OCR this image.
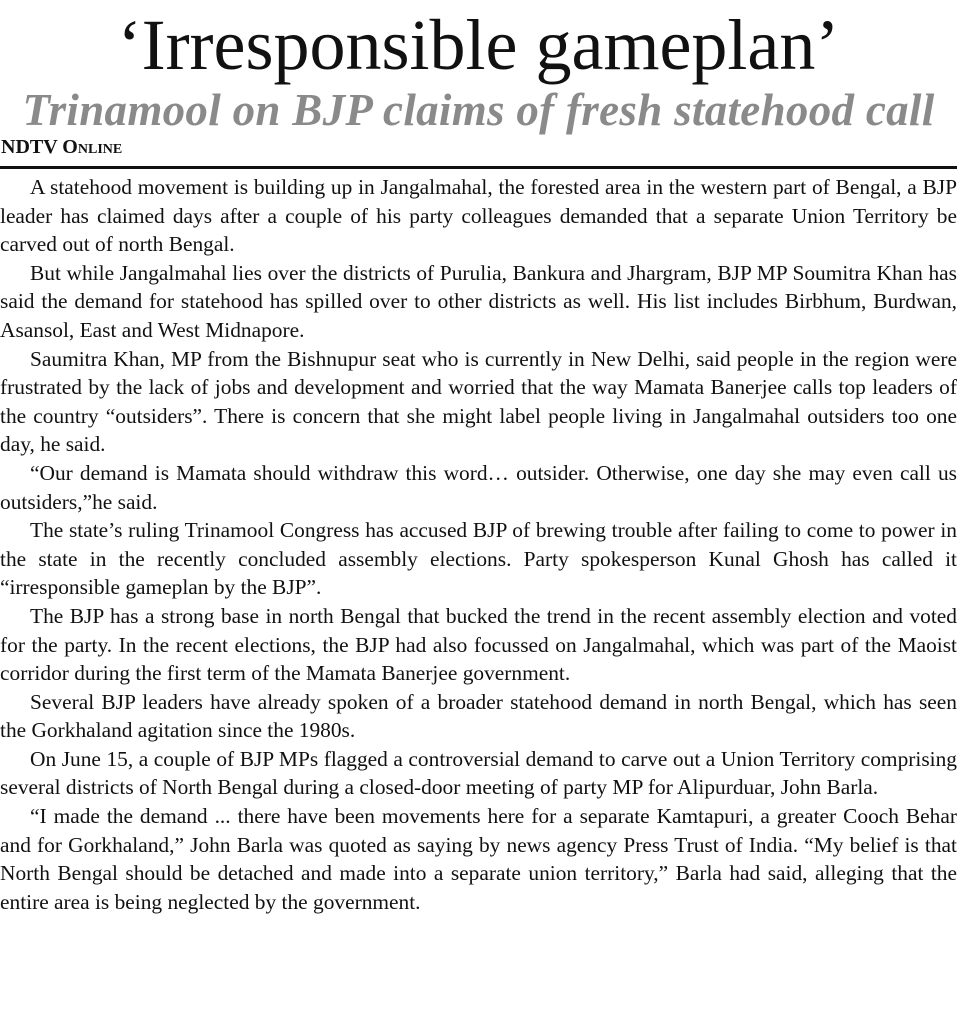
‘Irresponsible gameplan’
Trinamool on BJP claims of fresh statehood call
NDTV Online

A statehood movement is building up in Jangalmahal, the forested area in the western part of Bengal, a BJP leader has claimed days after a couple of his party colleagues demanded that a separate Union Territory be carved out of north Bengal.

But while Jangalmahal lies over the districts of Purulia, Bankura and Jhargram, BJP MP Soumitra Khan has said the demand for statehood has spilled over to other districts as well. His list includes Birbhum, Burdwan, Asansol, East and West Midnapore.

Saumitra Khan, MP from the Bishnupur seat who is currently in New Delhi, said people in the region were frustrated by the lack of jobs and development and worried that the way Mamata Banerjee calls top leaders of the country “outsiders”. There is concern that she might label people living in Jangalmahal outsiders too one day, he said.

“Our demand is Mamata should withdraw this word… outsider. Otherwise, one day she may even call us outsiders,”he said.

The state’s ruling Trinamool Congress has accused BJP of brewing trouble after failing to come to power in the state in the recently concluded assembly elections. Party spokesperson Kunal Ghosh has called it “irresponsible gameplan by the BJP”.

The BJP has a strong base in north Bengal that bucked the trend in the recent assembly election and voted for the party. In the recent elections, the BJP had also focussed on Jangalmahal, which was part of the Maoist corridor during the first term of the Mamata Banerjee government.

Several BJP leaders have already spoken of a broader statehood demand in north Bengal, which has seen the Gorkhaland agitation since the 1980s.

On June 15, a couple of BJP MPs flagged a controversial demand to carve out a Union Territory comprising several districts of North Bengal during a closed-door meeting of party MP for Alipurduar, John Barla.

“I made the demand ... there have been movements here for a separate Kamtapuri, a greater Cooch Behar and for Gorkhaland,” John Barla was quoted as saying by news agency Press Trust of India. “My belief is that North Bengal should be detached and made into a separate union territory,” Barla had said, alleging that the entire area is being neglected by the government.
